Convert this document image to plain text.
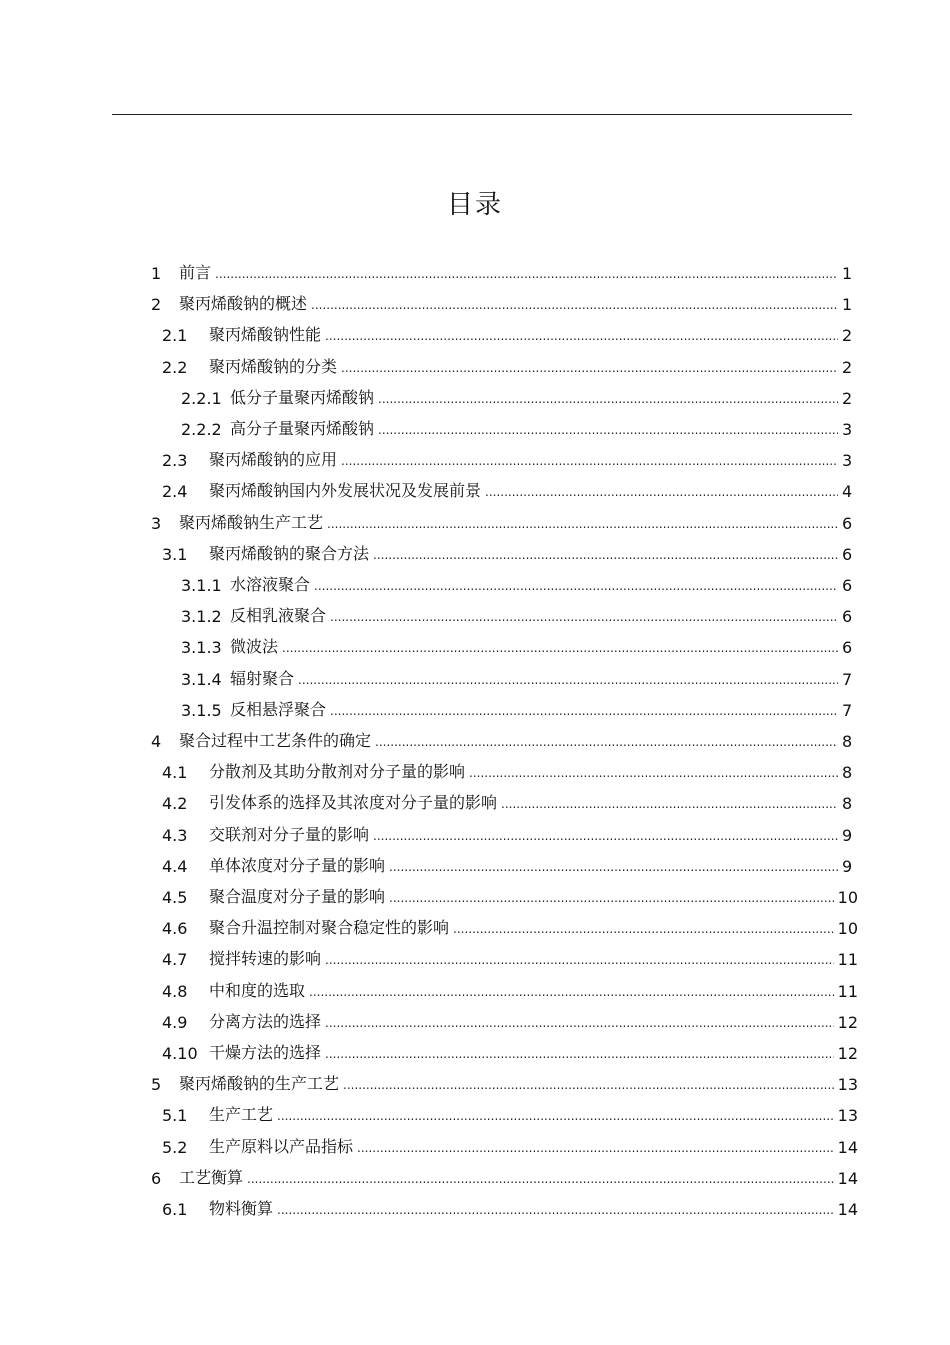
目录
1	前言 .....	1
2	聚丙烯酸钠的概述 .....	1
2.1	聚丙烯酸钠性能 .....	2
2.2	聚丙烯酸钠的分类 .....	2
2.2.1 低分子量聚丙烯酸钠 .....	2
2.2.2 高分子量聚丙烯酸钠 .....	3
2.3	聚丙烯酸钠的应用 .....	3
2.4	聚丙烯酸钠国内外发展状况及发展前景 .....	4
3	聚丙烯酸钠生产工艺 .....	6
3.1	聚丙烯酸钠的聚合方法 .....	6
3.1.1 水溶液聚合 .....	6
3.1.2 反相乳液聚合 .....	6
3.1.3 微波法 .....	6
3.1.4 辐射聚合 .....	7
3.1.5 反相悬浮聚合 .....	7
4	聚合过程中工艺条件的确定 .....	8
4.1	分散剂及其助分散剂对分子量的影响 .....	8
4.2	引发体系的选择及其浓度对分子量的影响 .....	8
4.3	交联剂对分子量的影响 .....	9
4.4	单体浓度对分子量的影响 .....	9
4.5	聚合温度对分子量的影响 .....	10
4.6	聚合升温控制对聚合稳定性的影响 .....	10
4.7	搅拌转速的影响 .....	11
4.8	中和度的选取 .....	11
4.9	分离方法的选择 .....	12
4.10 干燥方法的选择 .....	12
5	聚丙烯酸钠的生产工艺 .....	13
5.1	生产工艺 .....	13
5.2	生产原料以产品指标 .....	14
6	工艺衡算 .....	14
6.1	物料衡算 .....	14
